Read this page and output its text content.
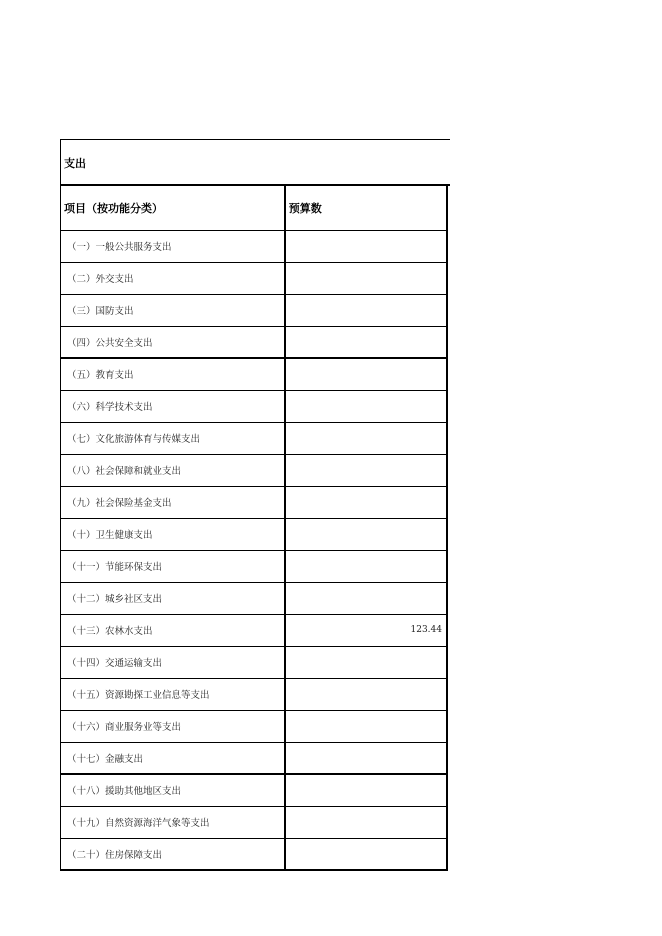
支出
项目（按功能分类）	预算数
（一）一般公共服务支出	
（二）外交支出	
（三）国防支出	
（四）公共安全支出	
（五）教育支出	
（六）科学技术支出	
（七）文化旅游体育与传媒支出	
（八）社会保障和就业支出	
（九）社会保险基金支出	
（十）卫生健康支出	
（十一）节能环保支出	
（十二）城乡社区支出	
（十三）农林水支出	123.44
（十四）交通运输支出	
（十五）资源勘探工业信息等支出	
（十六）商业服务业等支出	
（十七）金融支出	
（十八）援助其他地区支出	
（十九）自然资源海洋气象等支出	
（二十）住房保障支出	
